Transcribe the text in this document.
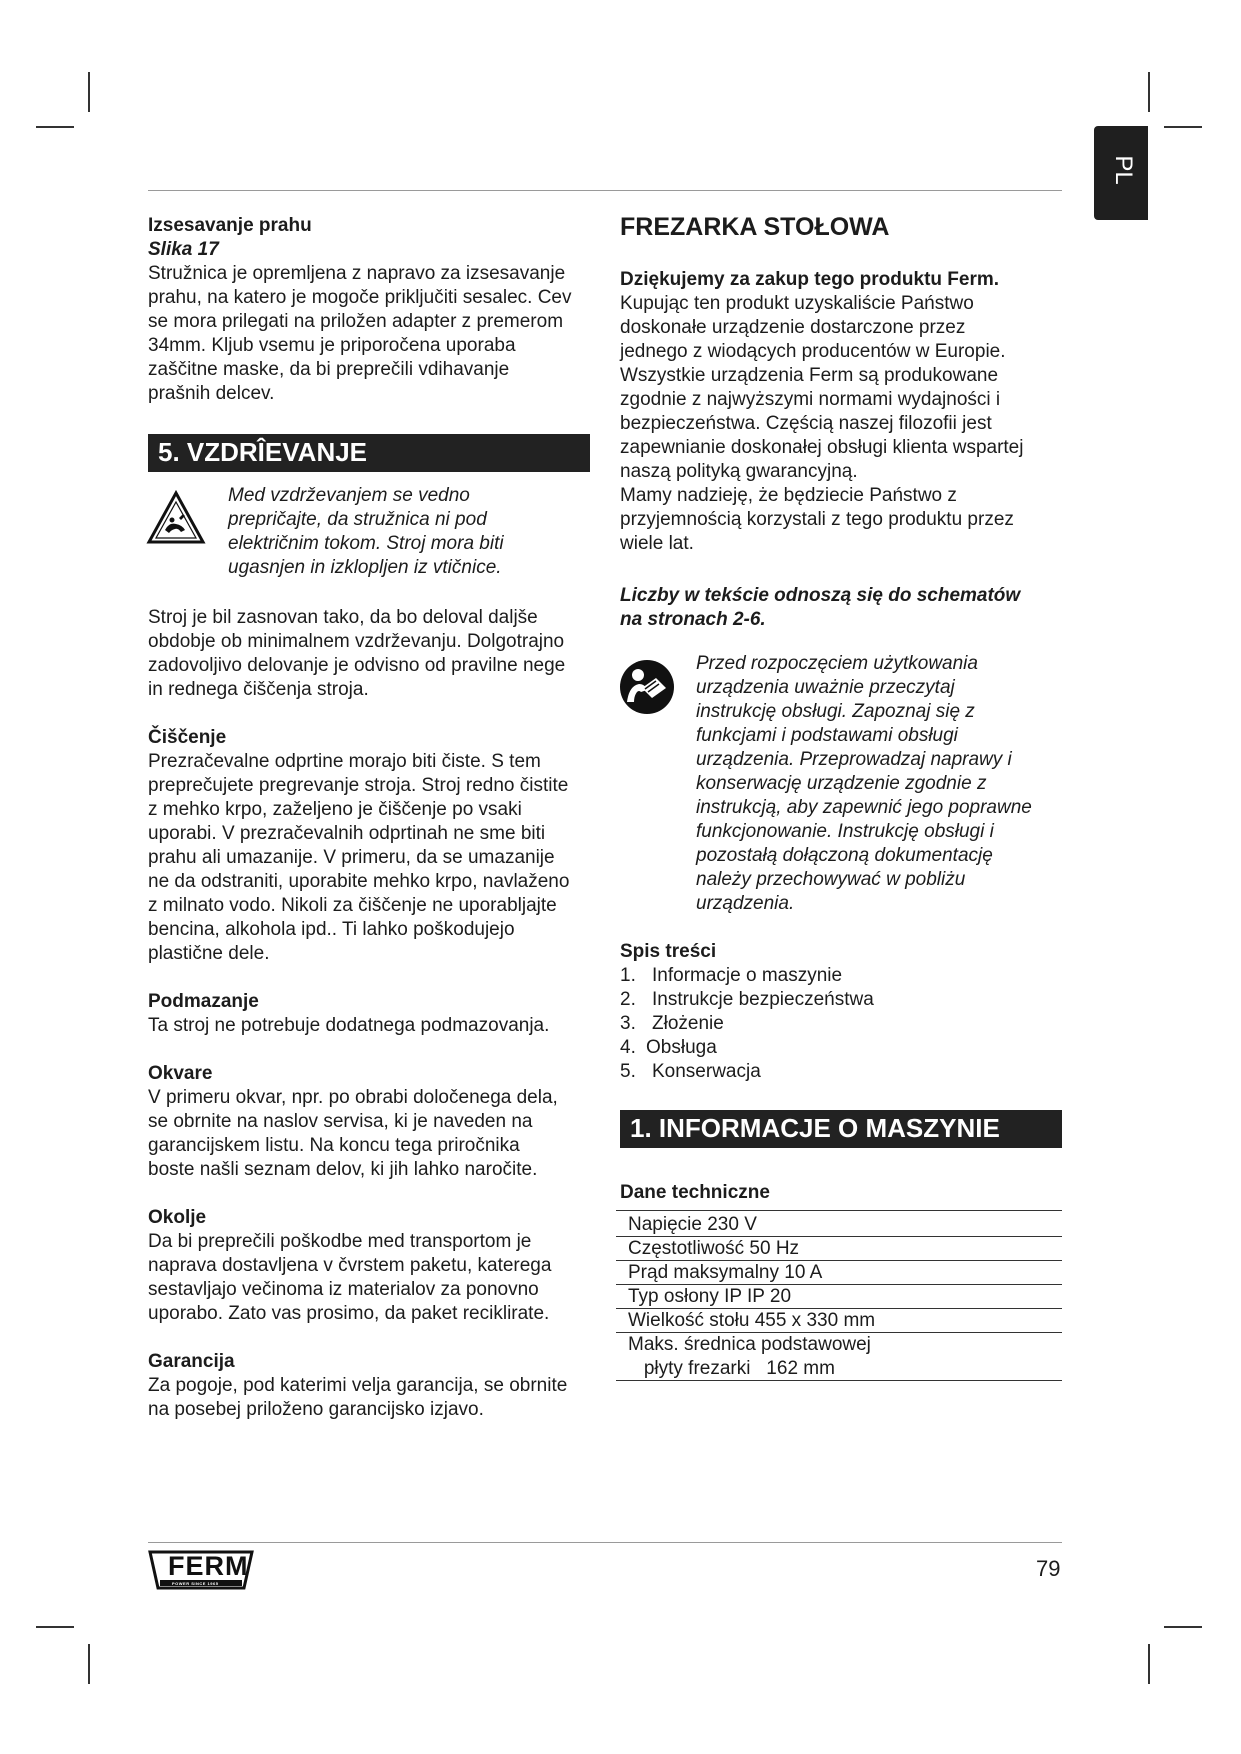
PL

Izsesavanje prahu

Slika 17

Stružnica je opremljena z napravo za izsesavanje

prahu, na katero je mogoče priključiti sesalec. Cev

se mora prilegati na priložen adapter z premerom

34mm. Kljub vsemu je priporočena uporaba

zaščitne maske, da bi preprečili vdihavanje

prašnih delcev.

5. VZDRÎEVANJE

Med vzdrževanjem se vedno

prepričajte, da stružnica ni pod

električnim tokom. Stroj mora biti

ugasnjen in izklopljen iz vtičnice.

Stroj je bil zasnovan tako, da bo deloval daljše

obdobje ob minimalnem vzdrževanju. Dolgotrajno

zadovoljivo delovanje je odvisno od pravilne nege

in rednega čiščenja stroja.

Čiščenje

Prezračevalne odprtine morajo biti čiste. S tem

preprečujete pregrevanje stroja. Stroj redno čistite

z mehko krpo, zaželjeno je čiščenje po vsaki

uporabi. V prezračevalnih odprtinah ne sme biti

prahu ali umazanije. V primeru, da se umazanije

ne da odstraniti, uporabite mehko krpo, navlaženo

z milnato vodo. Nikoli za čiščenje ne uporabljajte

bencina, alkohola ipd.. Ti lahko poškodujejo

plastične dele.

Podmazanje

Ta stroj ne potrebuje dodatnega podmazovanja.

Okvare

V primeru okvar, npr. po obrabi določenega dela,

se obrnite na naslov servisa, ki je naveden na

garancijskem listu. Na koncu tega priročnika

boste našli seznam delov, ki jih lahko naročite.

Okolje

Da bi preprečili poškodbe med transportom je

naprava dostavljena v čvrstem paketu, katerega

sestavljajo večinoma iz materialov za ponovno

uporabo. Zato vas prosimo, da paket reciklirate.

Garancija

Za pogoje, pod katerimi velja garancija, se obrnite

na posebej priloženo garancijsko izjavo.

FREZARKA STOŁOWA

Dziękujemy za zakup tego produktu Ferm.

Kupując ten produkt uzyskaliście Państwo

doskonałe urządzenie dostarczone przez

jednego z wiodących producentów w Europie.

Wszystkie urządzenia Ferm są produkowane

zgodnie z najwyższymi normami wydajności i

bezpieczeństwa. Częścią naszej filozofii jest

zapewnianie doskonałej obsługi klienta wspartej

naszą polityką gwarancyjną.

Mamy nadzieję, że będziecie Państwo z

przyjemnością korzystali z tego produktu przez

wiele lat.

Liczby w tekście odnoszą się do schematów

na stronach 2-6.

Przed rozpoczęciem użytkowania

urządzenia uważnie przeczytaj

instrukcję obsługi. Zapoznaj się z

funkcjami i podstawami obsługi

urządzenia. Przeprowadzaj naprawy i

konserwację urządzenie zgodnie z

instrukcją, aby zapewnić jego poprawne

funkcjonowanie. Instrukcję obsługi i

pozostałą dołączoną dokumentację

należy przechowywać w pobliżu

urządzenia.

Spis treści

1. Informacje o maszynie
2. Instrukcje bezpieczeństwa
3. Złożenie
4. Obsługa
5. Konserwacja
1. INFORMACJE O MASZYNIE
Dane techniczne
Napięcie 230 V
Częstotliwość 50 Hz
Prąd maksymalny 10 A
Typ osłony IP IP 20
Wielkość stołu 455 x 330 mm
Maks. średnica podstawowej
płyty frezarki   162 mm
FERM
POWER SINCE 1965
79
